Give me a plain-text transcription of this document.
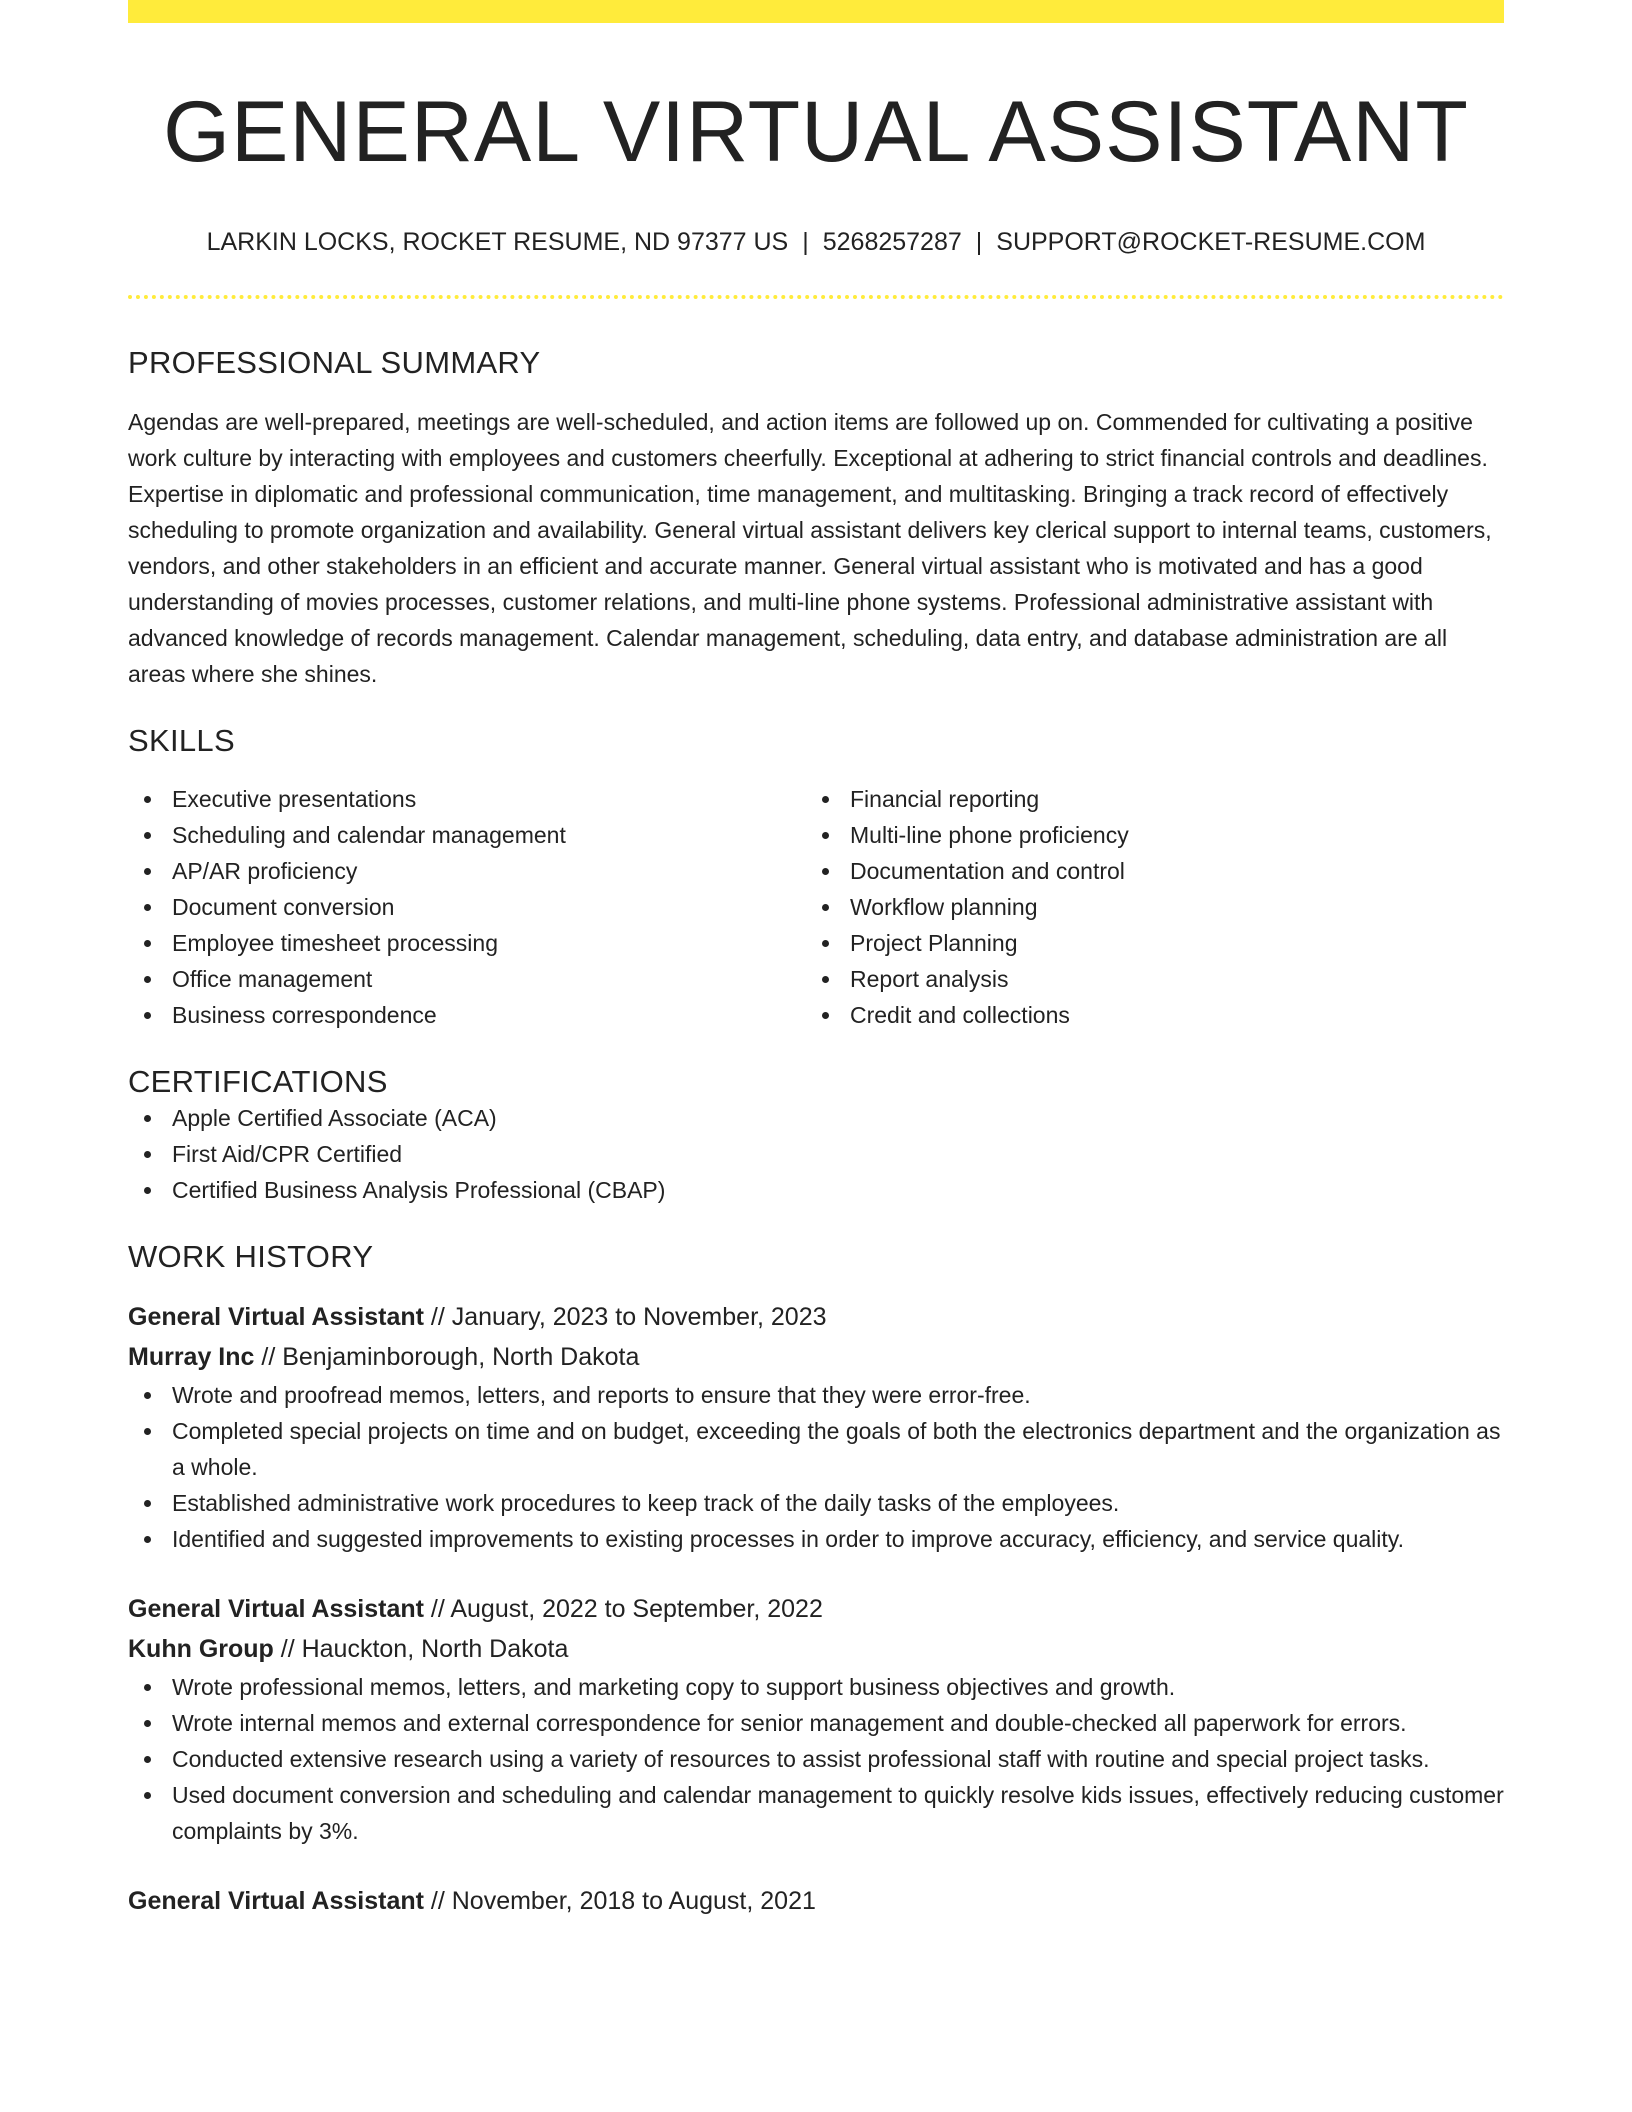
GENERAL VIRTUAL ASSISTANT
LARKIN LOCKS, ROCKET RESUME, ND 97377 US | 5268257287 | SUPPORT@ROCKET-RESUME.COM
PROFESSIONAL SUMMARY

Agendas are well-prepared, meetings are well-scheduled, and action items are followed up on. Commended for cultivating a positive work culture by interacting with employees and customers cheerfully. Exceptional at adhering to strict financial controls and deadlines. Expertise in diplomatic and professional communication, time management, and multitasking. Bringing a track record of effectively scheduling to promote organization and availability. General virtual assistant delivers key clerical support to internal teams, customers, vendors, and other stakeholders in an efficient and accurate manner. General virtual assistant who is motivated and has a good understanding of movies processes, customer relations, and multi-line phone systems. Professional administrative assistant with advanced knowledge of records management. Calendar management, scheduling, data entry, and database administration are all areas where she shines.

SKILLS
Executive presentations
Scheduling and calendar management
AP/AR proficiency
Document conversion
Employee timesheet processing
Office management
Business correspondence
Financial reporting
Multi-line phone proficiency
Documentation and control
Workflow planning
Project Planning
Report analysis
Credit and collections
CERTIFICATIONS
Apple Certified Associate (ACA)
First Aid/CPR Certified
Certified Business Analysis Professional (CBAP)
WORK HISTORY
General Virtual Assistant // January, 2023 to November, 2023
Murray Inc // Benjaminborough, North Dakota
Wrote and proofread memos, letters, and reports to ensure that they were error-free.
Completed special projects on time and on budget, exceeding the goals of both the electronics department and the organization as a whole.
Established administrative work procedures to keep track of the daily tasks of the employees.
Identified and suggested improvements to existing processes in order to improve accuracy, efficiency, and service quality.
General Virtual Assistant // August, 2022 to September, 2022
Kuhn Group // Hauckton, North Dakota
Wrote professional memos, letters, and marketing copy to support business objectives and growth.
Wrote internal memos and external correspondence for senior management and double-checked all paperwork for errors.
Conducted extensive research using a variety of resources to assist professional staff with routine and special project tasks.
Used document conversion and scheduling and calendar management to quickly resolve kids issues, effectively reducing customer complaints by 3%.
General Virtual Assistant // November, 2018 to August, 2021
